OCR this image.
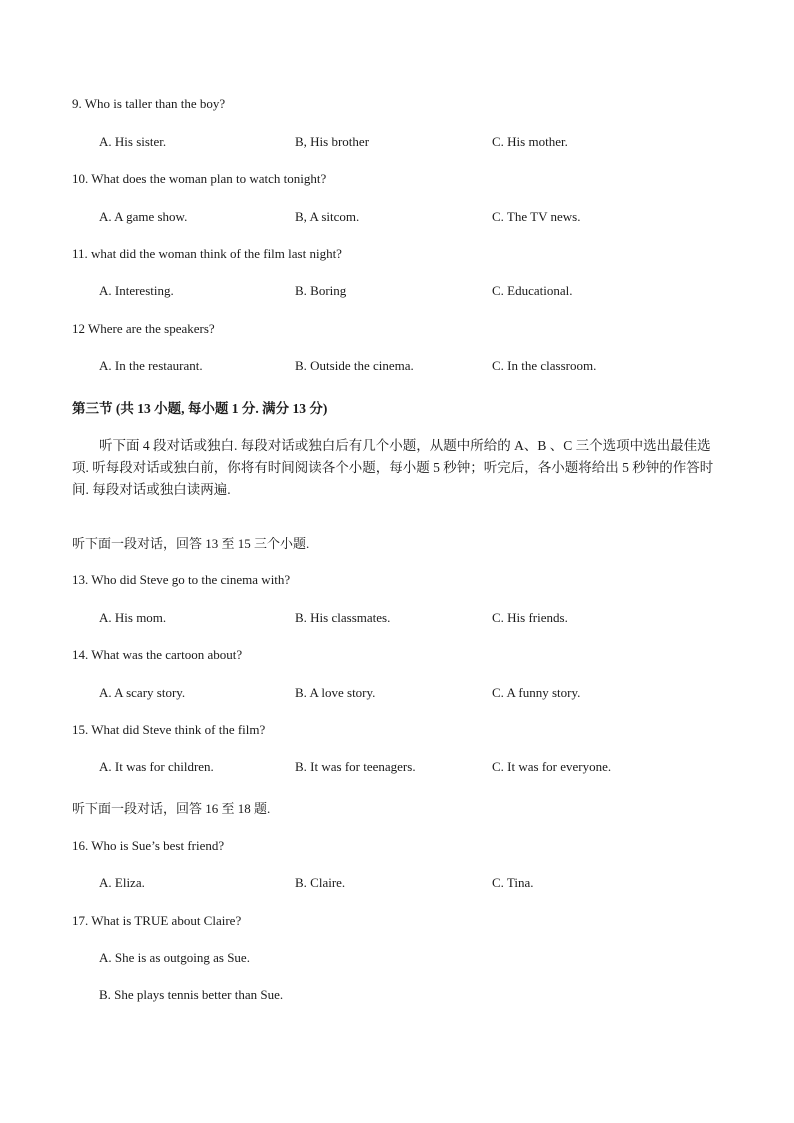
9. Who is taller than the boy?
A. His sister.	B, His brother	C. His mother.
10. What does the woman plan to watch tonight?
A. A game show.	B, A sitcom.	C. The TV news.
11. what did the woman think of the film last night?
A. Interesting.	B. Boring	C. Educational.
12 Where are the speakers?
A. In the restaurant.	B. Outside the cinema.	C. In the classroom.
第三节 (共 13 小题, 每小题 1 分. 满分 13 分)
听下面 4 段对话或独白. 每段对话或独白后有几个小题，从题中所给的 A、B 、C 三个选项中选出最佳选项. 听每段对话或独白前，你将有时间阅读各个小题，每小题 5 秒钟；听完后，各小题将给出 5 秒钟的作答时间. 每段对话或独白读两遍.
听下面一段对话，回答 13 至 15 三个小题.
13. Who did Steve go to the cinema with?
A. His mom.	B. His classmates.	C. His friends.
14. What was the cartoon about?
A. A scary story.	B. A love story.	C. A funny story.
15. What did Steve think of the film?
A. It was for children.	B. It was for teenagers.	C. It was for everyone.
听下面一段对话，回答 16 至 18 题.
16. Who is Sue’s best friend?
A. Eliza.	B. Claire.	C. Tina.
17. What is TRUE about Claire?
A. She is as outgoing as Sue.
B. She plays tennis better than Sue.
